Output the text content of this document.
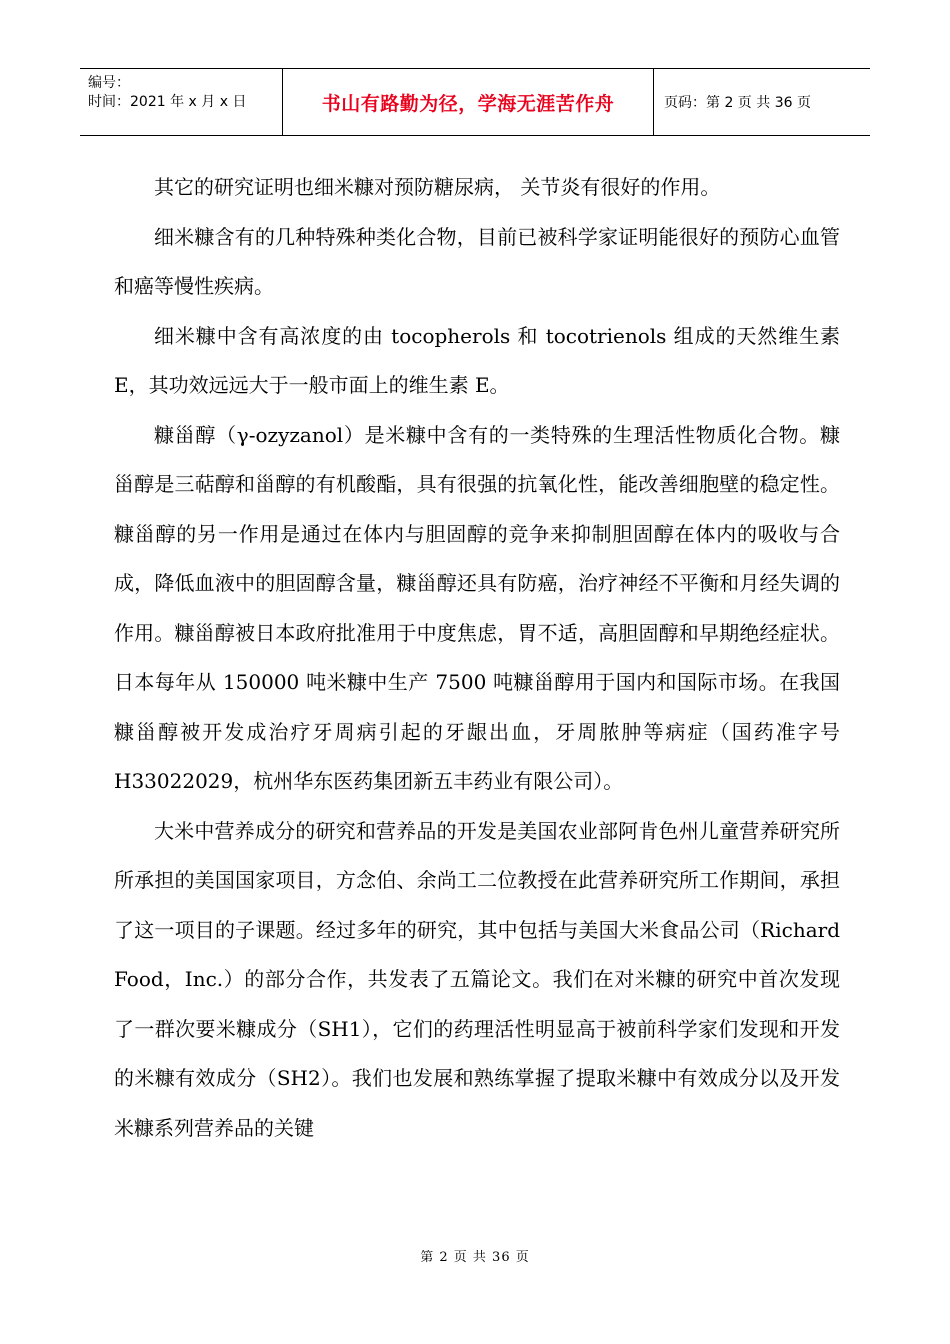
编号：
时间：2021 年 x 月 x 日	书山有路勤为径，学海无涯苦作舟	页码：第 2 页 共 36 页

其它的研究证明也细米糠对预防糖尿病， 关节炎有很好的作用。

细米糠含有的几种特殊种类化合物，目前已被科学家证明能很好的预防心血管和癌等慢性疾病。

细米糠中含有高浓度的由 tocopherols 和 tocotrienols 组成的天然维生素 E，其功效远远大于一般市面上的维生素 E。

糠甾醇（γ-ozyzanol）是米糠中含有的一类特殊的生理活性物质化合物。糠甾醇是三萜醇和甾醇的有机酸酯，具有很强的抗氧化性，能改善细胞壁的稳定性。糠甾醇的另一作用是通过在体内与胆固醇的竞争来抑制胆固醇在体内的吸收与合成，降低血液中的胆固醇含量，糠甾醇还具有防癌，治疗神经不平衡和月经失调的作用。糠甾醇被日本政府批准用于中度焦虑，胃不适，高胆固醇和早期绝经症状。日本每年从 150000 吨米糠中生产 7500 吨糠甾醇用于国内和国际市场。在我国糠甾醇被开发成治疗牙周病引起的牙龈出血，牙周脓肿等病症（国药准字号 H33022029，杭州华东医药集团新五丰药业有限公司）。

大米中营养成分的研究和营养品的开发是美国农业部阿肯色州儿童营养研究所所承担的美国国家项目，方念伯、余尚工二位教授在此营养研究所工作期间，承担了这一项目的子课题。经过多年的研究，其中包括与美国大米食品公司（Richard Food，Inc.）的部分合作，共发表了五篇论文。我们在对米糠的研究中首次发现了一群次要米糠成分（SH1），它们的药理活性明显高于被前科学家们发现和开发的米糠有效成分（SH2）。我们也发展和熟练掌握了提取米糠中有效成分以及开发米糠系列营养品的关键

第 2 页 共 36 页
